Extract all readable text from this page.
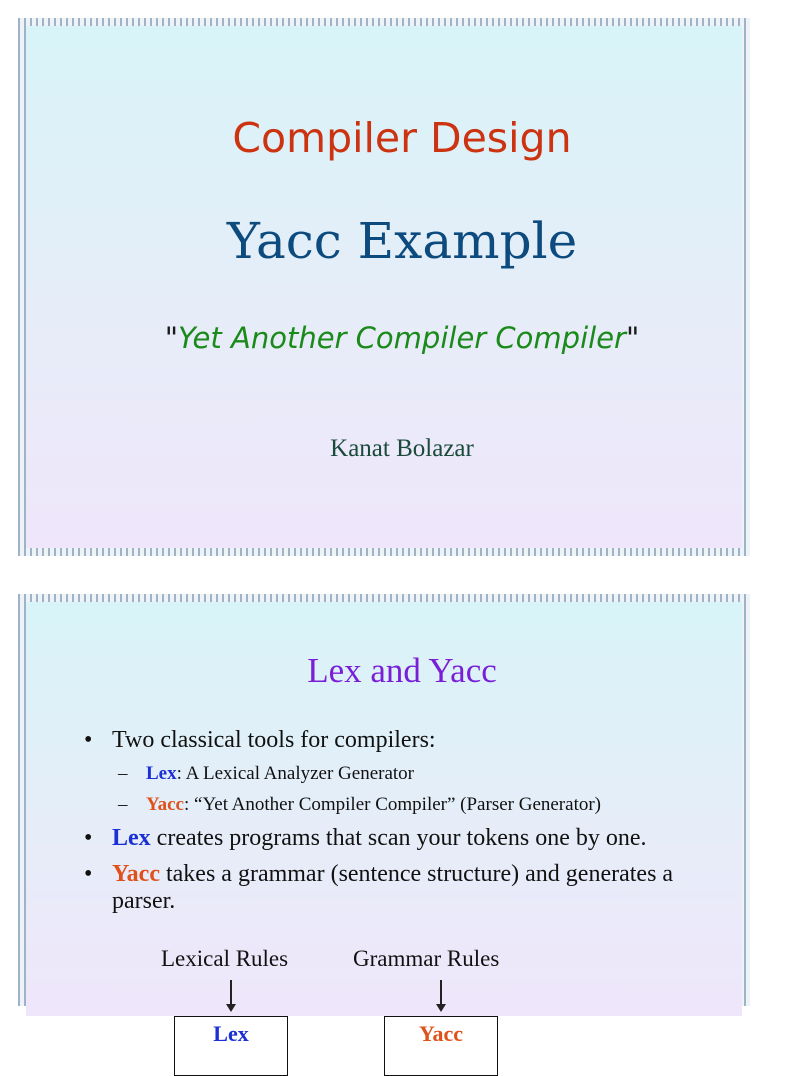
Compiler Design
Yacc Example
"Yet Another Compiler Compiler"
Kanat Bolazar
Lex and Yacc
• Two classical tools for compilers:
– Lex: A Lexical Analyzer Generator
– Yacc: “Yet Another Compiler Compiler” (Parser Generator)
• Lex creates programs that scan your tokens one by one.
• Yacc takes a grammar (sentence structure) and generates a parser.
Lexical Rules	Grammar Rules
Lex	Yacc
